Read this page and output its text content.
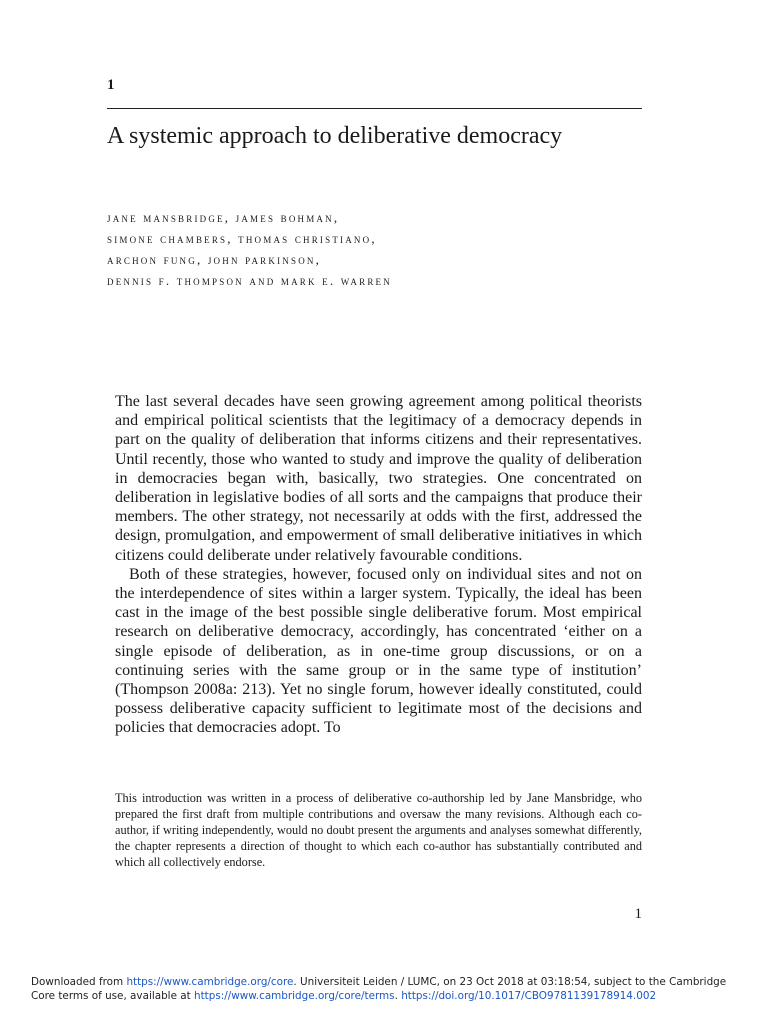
1
A systemic approach to deliberative democracy
jane mansbridge, james bohman,
simone chambers, thomas christiano,
archon fung, john parkinson,
dennis f. thompson and mark e. warren

The last several decades have seen growing agreement among political theorists and empirical political scientists that the legitimacy of a democracy depends in part on the quality of deliberation that informs citizens and their representatives. Until recently, those who wanted to study and improve the quality of deliberation in democracies began with, basically, two strategies. One concentrated on deliberation in legislative bodies of all sorts and the campaigns that produce their members. The other strategy, not necessarily at odds with the first, addressed the design, promulgation, and empowerment of small deliberative initiatives in which citizens could deliberate under relatively favourable conditions.

Both of these strategies, however, focused only on individual sites and not on the interdependence of sites within a larger system. Typically, the ideal has been cast in the image of the best possible single deliberative forum. Most empirical research on deliberative democracy, accordingly, has concentrated ‘either on a single episode of deliberation, as in one-time group discussions, or on a continuing series with the same group or in the same type of institution’ (Thompson 2008a: 213). Yet no single forum, however ideally constituted, could possess deliberative capacity sufficient to legitimate most of the decisions and policies that democracies adopt. To

This introduction was written in a process of deliberative co-authorship led by Jane Mansbridge, who prepared the first draft from multiple contributions and oversaw the many revisions. Although each co-author, if writing independently, would no doubt present the arguments and analyses somewhat differently, the chapter represents a direction of thought to which each co-author has substantially contributed and which all collectively endorse.
1
Downloaded from https://www.cambridge.org/core. Universiteit Leiden / LUMC, on 23 Oct 2018 at 03:18:54, subject to the Cambridge Core terms of use, available at https://www.cambridge.org/core/terms. https://doi.org/10.1017/CBO9781139178914.002
